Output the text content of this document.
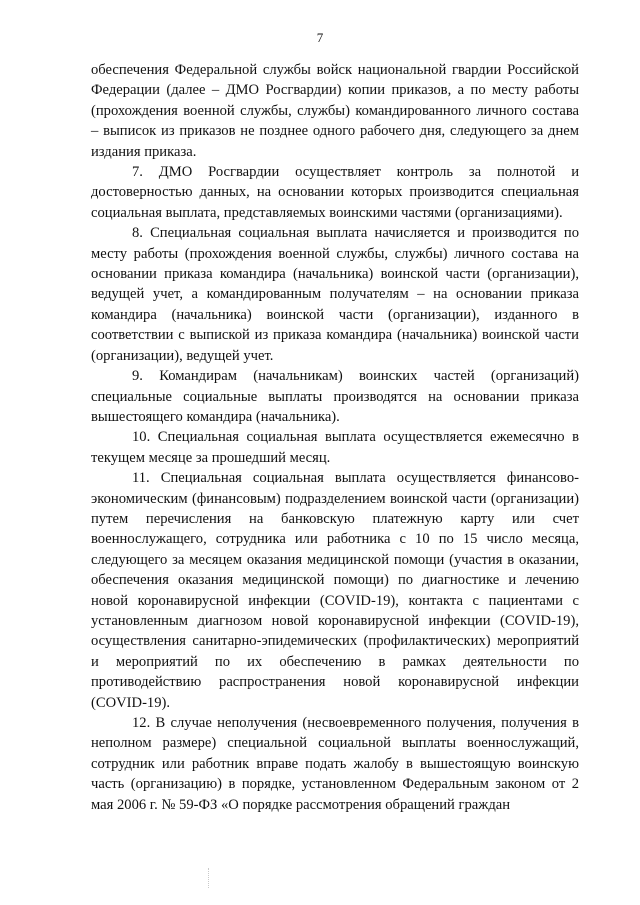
7

обеспечения Федеральной службы войск национальной гвардии Российской Федерации (далее – ДМО Росгвардии) копии приказов, а по месту работы (прохождения военной службы, службы) командированного личного состава – выписок из приказов не позднее одного рабочего дня, следующего за днем издания приказа.

7. ДМО Росгвардии осуществляет контроль за полнотой и достоверностью данных, на основании которых производится специальная социальная выплата, представляемых воинскими частями (организациями).

8. Специальная социальная выплата начисляется и производится по месту работы (прохождения военной службы, службы) личного состава на основании приказа командира (начальника) воинской части (организации), ведущей учет, а командированным получателям – на основании приказа командира (начальника) воинской части (организации), изданного в соответствии с выпиской из приказа командира (начальника) воинской части (организации), ведущей учет.

9. Командирам (начальникам) воинских частей (организаций) специальные социальные выплаты производятся на основании приказа вышестоящего командира (начальника).

10. Специальная социальная выплата осуществляется ежемесячно в текущем месяце за прошедший месяц.

11. Специальная социальная выплата осуществляется финансово-экономическим (финансовым) подразделением воинской части (организации) путем перечисления на банковскую платежную карту или счет военнослужащего, сотрудника или работника с 10 по 15 число месяца, следующего за месяцем оказания медицинской помощи (участия в оказании, обеспечения оказания медицинской помощи) по диагностике и лечению новой коронавирусной инфекции (COVID-19), контакта с пациентами с установленным диагнозом новой коронавирусной инфекции (COVID-19), осуществления санитарно-эпидемических (профилактических) мероприятий и мероприятий по их обеспечению в рамках деятельности по противодействию распространения новой коронавирусной инфекции (COVID-19).

12. В случае неполучения (несвоевременного получения, получения в неполном размере) специальной социальной выплаты военнослужащий, сотрудник или работник вправе подать жалобу в вышестоящую воинскую часть (организацию) в порядке, установленном Федеральным законом от 2 мая 2006 г. № 59-ФЗ «О порядке рассмотрения обращений граждан
